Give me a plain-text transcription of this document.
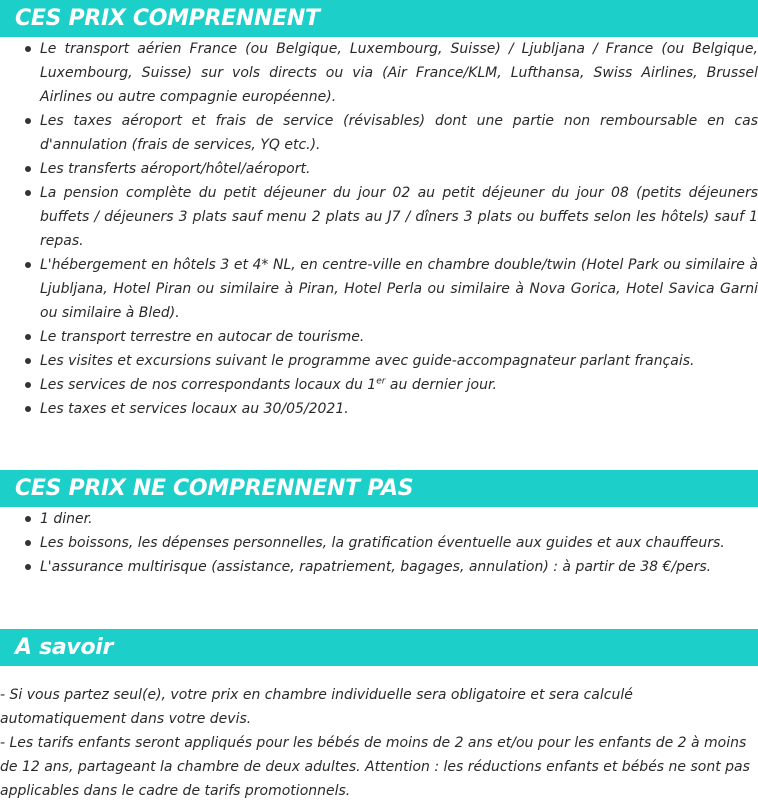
CES PRIX COMPRENNENT
Le transport aérien France (ou Belgique, Luxembourg, Suisse) / Ljubljana / France (ou Belgique, Luxembourg, Suisse) sur vols directs ou via (Air France/KLM, Lufthansa, Swiss Airlines, Brussel Airlines ou autre compagnie européenne).
Les taxes aéroport et frais de service (révisables) dont une partie non remboursable en cas d'annulation (frais de services, YQ etc.).
Les transferts aéroport/hôtel/aéroport.
La pension complète du petit déjeuner du jour 02 au petit déjeuner du jour 08 (petits déjeuners buffets / déjeuners 3 plats sauf menu 2 plats au J7 / dîners 3 plats ou buffets selon les hôtels) sauf 1 repas.
L'hébergement en hôtels 3 et 4* NL, en centre-ville en chambre double/twin (Hotel Park ou similaire à Ljubljana, Hotel Piran ou similaire à Piran, Hotel Perla ou similaire à Nova Gorica, Hotel Savica Garni ou similaire à Bled).
Le transport terrestre en autocar de tourisme.
Les visites et excursions suivant le programme avec guide-accompagnateur parlant français.
Les services de nos correspondants locaux du 1er au dernier jour.
Les taxes et services locaux au 30/05/2021.
CES PRIX NE COMPRENNENT PAS
1 diner.
Les boissons, les dépenses personnelles, la gratification éventuelle aux guides et aux chauffeurs.
L'assurance multirisque (assistance, rapatriement, bagages, annulation) : à partir de 38 €/pers.
A savoir

- Si vous partez seul(e), votre prix en chambre individuelle sera obligatoire et sera calculé automatiquement dans votre devis.

- Les tarifs enfants seront appliqués pour les bébés de moins de 2 ans et/ou pour les enfants de 2 à moins de 12 ans, partageant la chambre de deux adultes. Attention : les réductions enfants et bébés ne sont pas applicables dans le cadre de tarifs promotionnels.
